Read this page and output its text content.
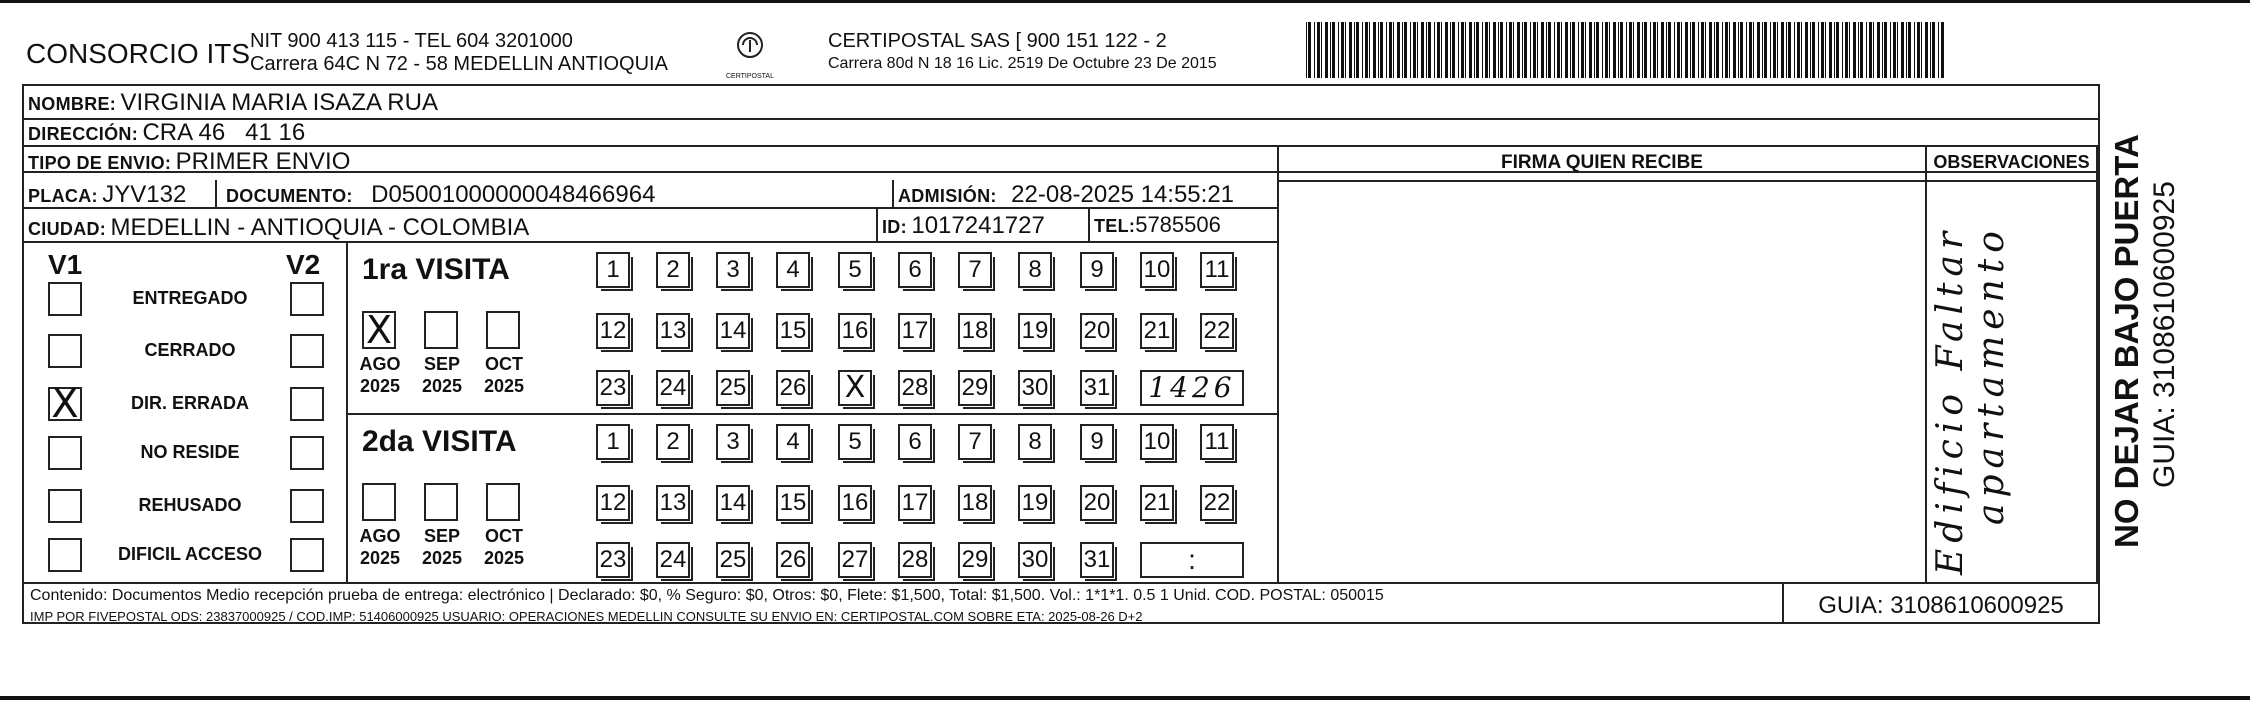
CONSORCIO ITS NIT 900 413 115 - TEL 604 3201000
Carrera 64C N 72 - 58 MEDELLIN ANTIOQUIA
CERTIPOSTAL
CERTIPOSTAL SAS [ 900 151 122 - 2
Carrera 80d N 18 16 Lic. 2519 De Octubre 23 De 2015
NOMBRE: VIRGINIA MARIA ISAZA RUA
DIRECCIÓN: CRA 46   41 16
TIPO DE ENVIO: PRIMER ENVIO
PLACA: JYV132 DOCUMENTO: D05001000000048466964	ADMISIÓN: 22-08-2025 14:55:21
CIUDAD: MEDELLIN - ANTIOQUIA - COLOMBIA	ID: 1017241727	TEL:5785506
FIRMA QUIEN RECIBE	OBSERVACIONES
Edificio Faltar apartamento
V1	V2
ENTREGADO
CERRADO
X	DIR. ERRADA
NO RESIDE
REHUSADO
DIFICIL ACCESO
1ra VISITA
X
AGO
2025
SEP
2025
OCT
2025
1	2	3	4	5	6	7	8	9	10 11
12 13 14 15 16 17 18 19 20 21 22
23 24 25 26 X 28 29 30 31 1426
2da VISITA
AGO
2025
SEP
2025
OCT
2025
1	2	3	4	5	6	7	8	9	10 11
12 13 14 15 16 17 18 19 20 21 22
23 24 25 26 27 28 29 30 31	:
Contenido: Documentos Medio recepción prueba de entrega: electrónico | Declarado: $0, % Seguro: $0, Otros: $0, Flete: $1,500, Total: $1,500. Vol.: 1*1*1. 0.5 1 Unid. COD. POSTAL: 050015
IMP POR FIVEPOSTAL ODS: 23837000925 / COD.IMP: 51406000925 USUARIO: OPERACIONES MEDELLIN CONSULTE SU ENVIO EN: CERTIPOSTAL.COM SOBRE ETA: 2025-08-26 D+2	GUIA: 3108610600925
NO DEJAR BAJO PUERTA GUIA: 3108610600925
